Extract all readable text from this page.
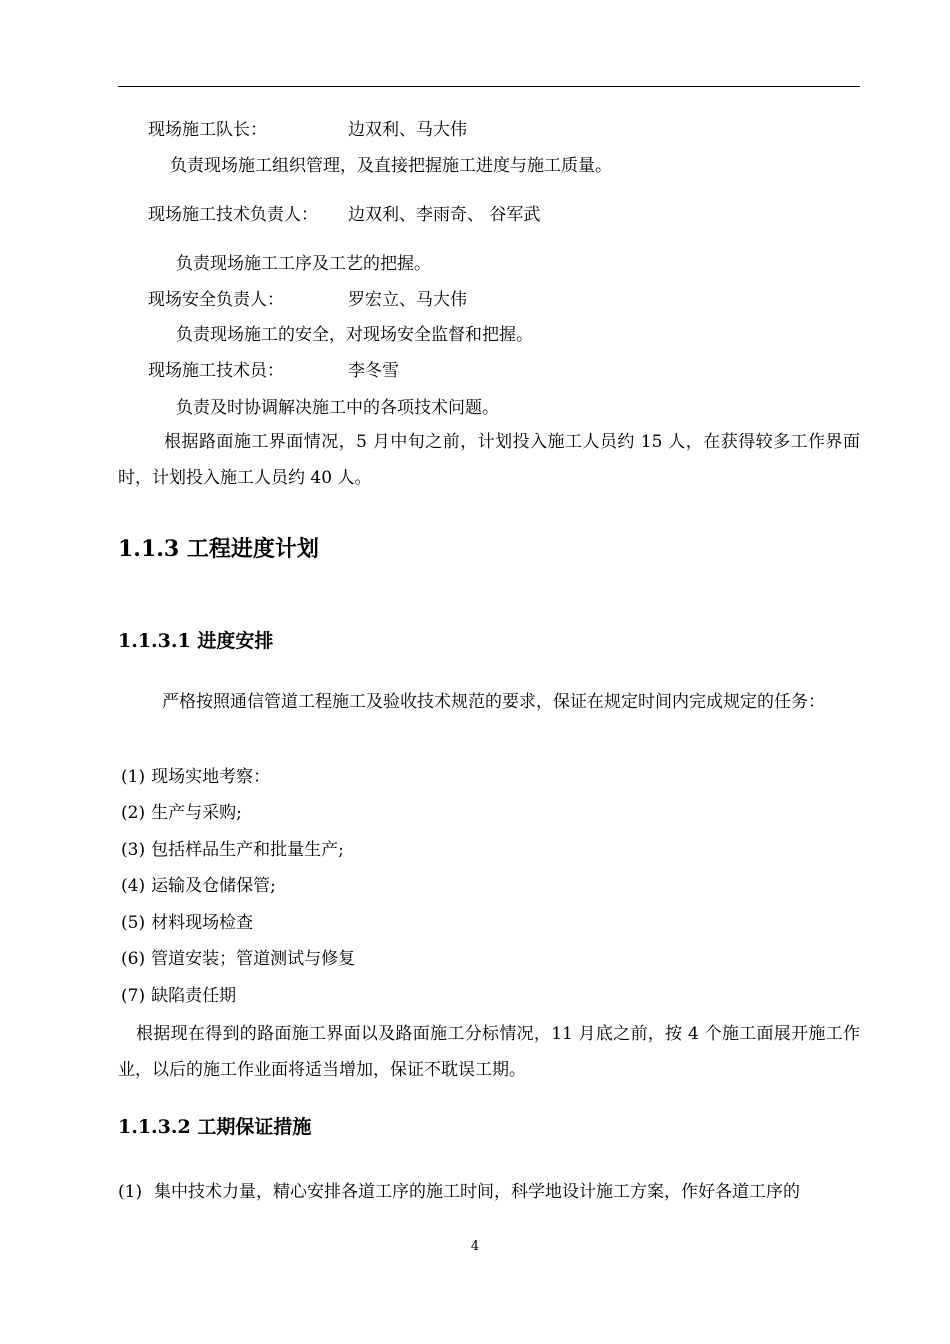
现场施工队长：	边双利、马大伟
负责现场施工组织管理，及直接把握施工进度与施工质量。
现场施工技术负责人： 边双利、李雨奇、 谷军武
负责现场施工工序及工艺的把握。
现场安全负责人：	罗宏立、马大伟
负责现场施工的安全，对现场安全监督和把握。
现场施工技术员：	李冬雪
负责及时协调解决施工中的各项技术问题。
根据路面施工界面情况，5 月中旬之前，计划投入施工人员约 15 人，在获得较多工作界面时，计划投入施工人员约 40 人。
1.1.3 工程进度计划
1.1.3.1 进度安排
严格按照通信管道工程施工及验收技术规范的要求，保证在规定时间内完成规定的任务：
(1) 现场实地考察：
(2) 生产与采购;
(3) 包括样品生产和批量生产;
(4) 运输及仓储保管;
(5) 材料现场检查
(6) 管道安装；管道测试与修复
(7) 缺陷责任期
根据现在得到的路面施工界面以及路面施工分标情况，11 月底之前，按 4 个施工面展开施工作业，以后的施工作业面将适当增加，保证不耽误工期。
1.1.3.2 工期保证措施
(1) 集中技术力量，精心安排各道工序的施工时间，科学地设计施工方案，作好各道工序的
4
